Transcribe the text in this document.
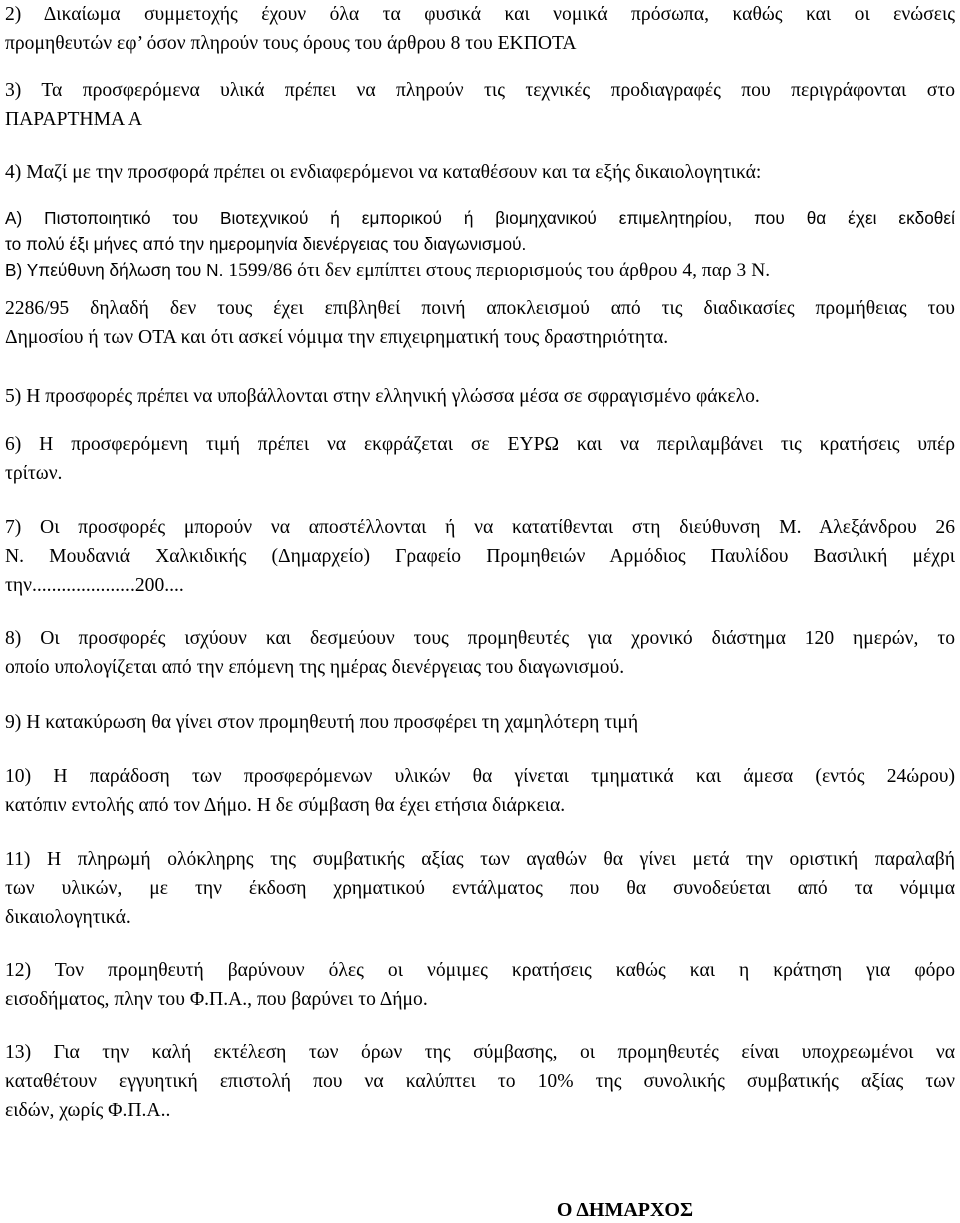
2) Δικαίωμα συμμετοχής έχουν όλα τα φυσικά και νομικά πρόσωπα, καθώς και οι ενώσεις
προμηθευτών εφ’ όσον πληρούν τους όρους του άρθρου 8 του ΕΚΠΟΤΑ

3) Τα προσφερόμενα υλικά πρέπει να πληρούν τις τεχνικές προδιαγραφές που περιγράφονται στο
ΠΑΡΑΡΤΗΜΑ Α

4) Μαζί με την προσφορά πρέπει οι ενδιαφερόμενοι να καταθέσουν και τα εξής δικαιολογητικά:

Α) Πιστοποιητικό του Βιοτεχνικού ή εμπορικού ή βιομηχανικού επιμελητηρίου, που θα έχει εκδοθεί
το πολύ έξι μήνες από την ημερομηνία διενέργειας του διαγωνισμού.
Β) Υπεύθυνη δήλωση του Ν. 1599/86 ότι δεν εμπίπτει στους περιορισμούς του άρθρου 4, παρ 3 Ν.

2286/95 δηλαδή δεν τους έχει επιβληθεί ποινή αποκλεισμού από τις διαδικασίες προμήθειας του
Δημοσίου ή των ΟΤΑ και ότι ασκεί νόμιμα την επιχειρηματική τους δραστηριότητα.

5) Η προσφορές πρέπει να υποβάλλονται στην ελληνική γλώσσα μέσα σε σφραγισμένο φάκελο.

6) Η προσφερόμενη τιμή πρέπει να εκφράζεται σε ΕΥΡΩ και να περιλαμβάνει τις κρατήσεις υπέρ
τρίτων.

7) Οι προσφορές μπορούν να αποστέλλονται ή να κατατίθενται στη διεύθυνση Μ. Αλεξάνδρου 26
Ν. Μουδανιά Χαλκιδικής (Δημαρχείο) Γραφείο Προμηθειών Αρμόδιος Παυλίδου Βασιλική μέχρι
την.....................200....

8) Οι προσφορές ισχύουν και δεσμεύουν τους προμηθευτές για χρονικό διάστημα 120 ημερών, το
οποίο υπολογίζεται από την επόμενη της ημέρας διενέργειας του διαγωνισμού.

9) Η κατακύρωση θα γίνει στον προμηθευτή που προσφέρει τη χαμηλότερη τιμή

10) Η παράδοση των προσφερόμενων υλικών θα γίνεται τμηματικά και άμεσα (εντός 24ώρου)
κατόπιν εντολής από τον Δήμο. Η δε σύμβαση θα έχει ετήσια διάρκεια.

11) Η πληρωμή ολόκληρης της συμβατικής αξίας των αγαθών θα γίνει μετά την οριστική παραλαβή
των υλικών, με την έκδοση χρηματικού εντάλματος που θα συνοδεύεται από τα νόμιμα
δικαιολογητικά.

12) Τον προμηθευτή βαρύνουν όλες οι νόμιμες κρατήσεις καθώς και η κράτηση για φόρο
εισοδήματος, πλην του Φ.Π.Α., που βαρύνει το Δήμο.

13) Για την καλή εκτέλεση των όρων της σύμβασης, οι προμηθευτές είναι υποχρεωμένοι να
καταθέτουν εγγυητική επιστολή που να καλύπτει το 10% της συνολικής συμβατικής αξίας των
ειδών, χωρίς Φ.Π.Α..

Ο ΔΗΜΑΡΧΟΣ
